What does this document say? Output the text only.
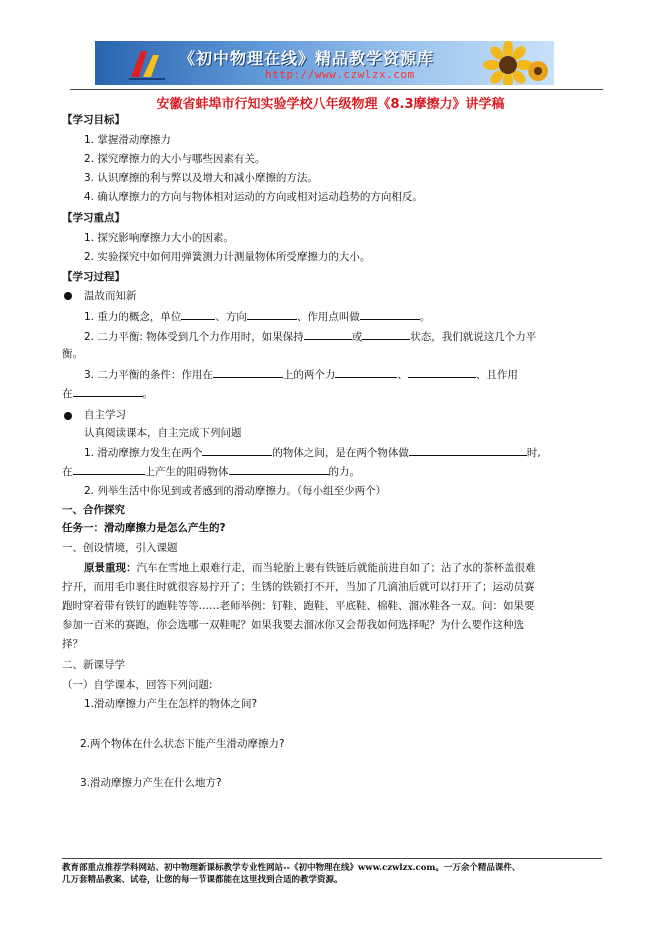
《初中物理在线》精品教学资源库
http://www.czwlzx.com
安徽省蚌埠市行知实验学校八年级物理《8.3摩擦力》讲学稿
【学习目标】
1. 掌握滑动摩擦力
2. 探究摩擦力的大小与哪些因素有关。
3. 认识摩擦的利与弊以及增大和减小摩擦的方法。
4. 确认摩擦力的方向与物体相对运动的方向或相对运动趋势的方向相反。
【学习重点】
1. 探究影响摩擦力大小的因素。
2. 实验探究中如何用弹簧测力计测量物体所受摩擦力的大小。
【学习过程】
温故而知新
1. 重力的概念，单位	、方向	、作用点叫做	。
2. 二力平衡: 物体受到几个力作用时，如果保持	或	状态，我们就说这几个力平
衡。
3. 二力平衡的条件：作用在	上的两个力	、	、且作用
在	。
自主学习
认真阅读课本，自主完成下列问题
1. 滑动摩擦力发生在两个	的物体之间，是在两个物体做	时,
在	上产生的阻碍物体	的力。
2. 列举生活中你见到或者感到的滑动摩擦力。（每小组至少两个）
一、合作探究
任务一：滑动摩擦力是怎么产生的?
一、创设情境，引入课题
原景重现：汽车在雪地上艰难行走，而当轮胎上裹有铁链后就能前进自如了；沾了水的茶杯盖很难
拧开，而用毛巾裹住时就很容易拧开了；生锈的铁锁打不开，当加了几滴油后就可以打开了；运动员赛
跑时穿着带有铁钉的跑鞋等等……老师举例：钉鞋、跑鞋、平底鞋、棉鞋、溜冰鞋各一双。问：如果要
参加一百米的赛跑，你会选哪一双鞋呢？如果我要去溜冰你又会帮我如何选择呢？为什么要作这种选
择？
二、新课导学
（一）自学课本，回答下列问题:
1.滑动摩擦力产生在怎样的物体之间?
2.两个物体在什么状态下能产生滑动摩擦力?
3.滑动摩擦力产生在什么地方?
教育部重点推荐学科网站、初中物理新课标教学专业性网站--《初中物理在线》www.czwlzx.com。一万余个精品课件、
几万套精品教案、试卷，让您的每一节课都能在这里找到合适的教学资源。
